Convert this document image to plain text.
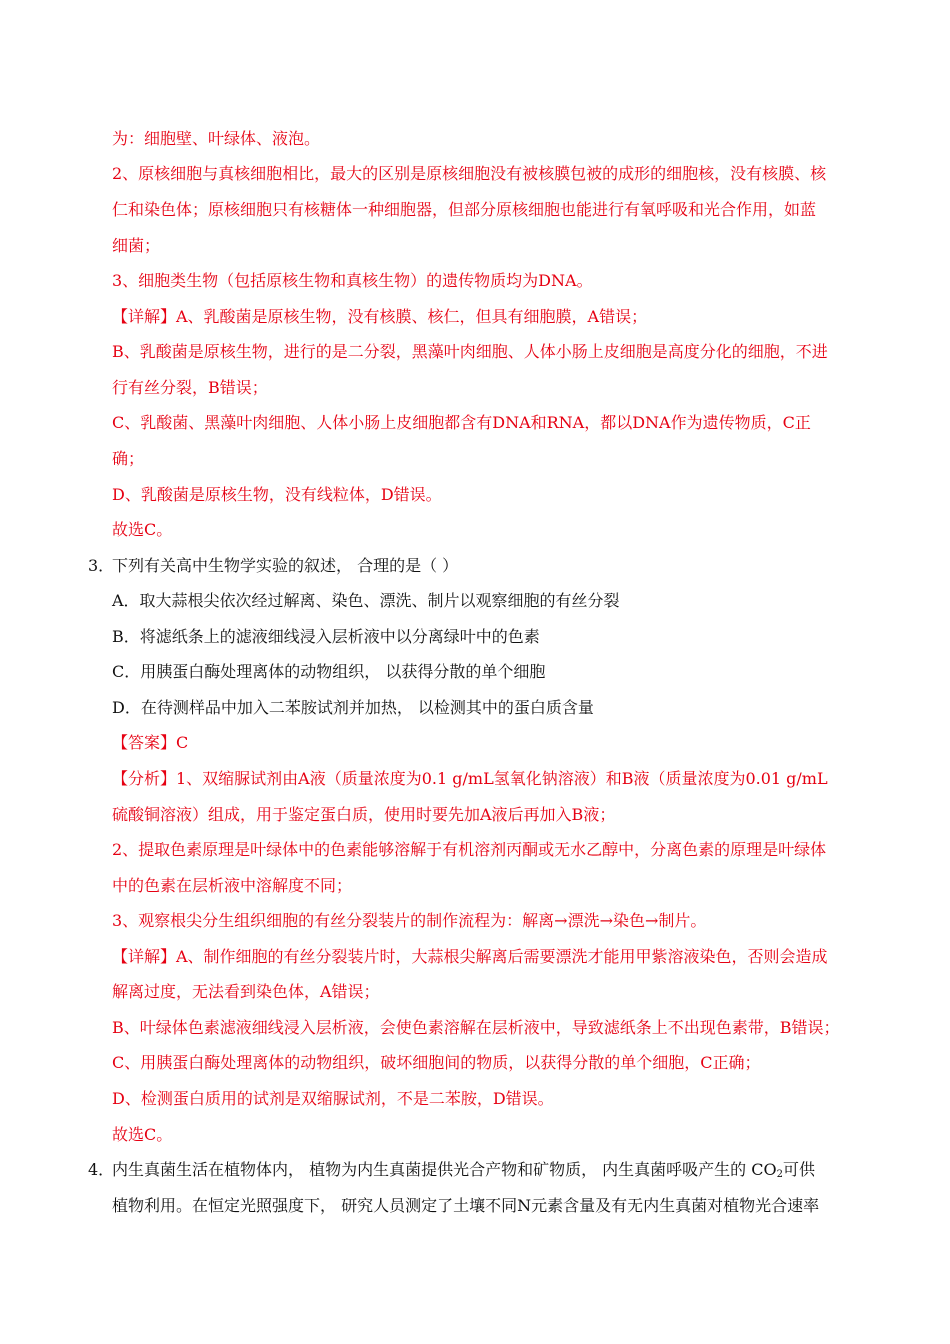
为：细胞壁、叶绿体、液泡。
2、原核细胞与真核细胞相比，最大的区别是原核细胞没有被核膜包被的成形的细胞核，没有核膜、核
仁和染色体；原核细胞只有核糖体一种细胞器，但部分原核细胞也能进行有氧呼吸和光合作用，如蓝
细菌；
3、细胞类生物（包括原核生物和真核生物）的遗传物质均为DNA。
【详解】A、乳酸菌是原核生物，没有核膜、核仁，但具有细胞膜，A错误；
B、乳酸菌是原核生物，进行的是二分裂，黑藻叶肉细胞、人体小肠上皮细胞是高度分化的细胞，不进
行有丝分裂，B错误；
C、乳酸菌、黑藻叶肉细胞、人体小肠上皮细胞都含有DNA和RNA，都以DNA作为遗传物质，C正
确；
D、乳酸菌是原核生物，没有线粒体，D错误。
故选C。
3．
下列有关高中生物学实验的叙述， 合理的是（ ）
A．取大蒜根尖依次经过解离、染色、漂洗、制片以观察细胞的有丝分裂
B．将滤纸条上的滤液细线浸入层析液中以分离绿叶中的色素
C．用胰蛋白酶处理离体的动物组织， 以获得分散的单个细胞
D．在待测样品中加入二苯胺试剂并加热， 以检测其中的蛋白质含量
【答案】C
【分析】1、双缩脲试剂由A液（质量浓度为0.1 g/mL氢氧化钠溶液）和B液（质量浓度为0.01 g/mL
硫酸铜溶液）组成，用于鉴定蛋白质，使用时要先加A液后再加入B液；
2、提取色素原理是叶绿体中的色素能够溶解于有机溶剂丙酮或无水乙醇中，分离色素的原理是叶绿体
中的色素在层析液中溶解度不同；
3、观察根尖分生组织细胞的有丝分裂装片的制作流程为：解离→漂洗→染色→制片。
【详解】A、制作细胞的有丝分裂装片时，大蒜根尖解离后需要漂洗才能用甲紫溶液染色，否则会造成
解离过度，无法看到染色体，A错误；
B、叶绿体色素滤液细线浸入层析液，会使色素溶解在层析液中，导致滤纸条上不出现色素带，B错误；
C、用胰蛋白酶处理离体的动物组织，破坏细胞间的物质，以获得分散的单个细胞，C正确；
D、检测蛋白质用的试剂是双缩脲试剂，不是二苯胺，D错误。
故选C。
4．
内生真菌生活在植物体内， 植物为内生真菌提供光合产物和矿物质， 内生真菌呼吸产生的 $CO_2$可供
植物利用。在恒定光照强度下， 研究人员测定了土壤不同N元素含量及有无内生真菌对植物光合速率
